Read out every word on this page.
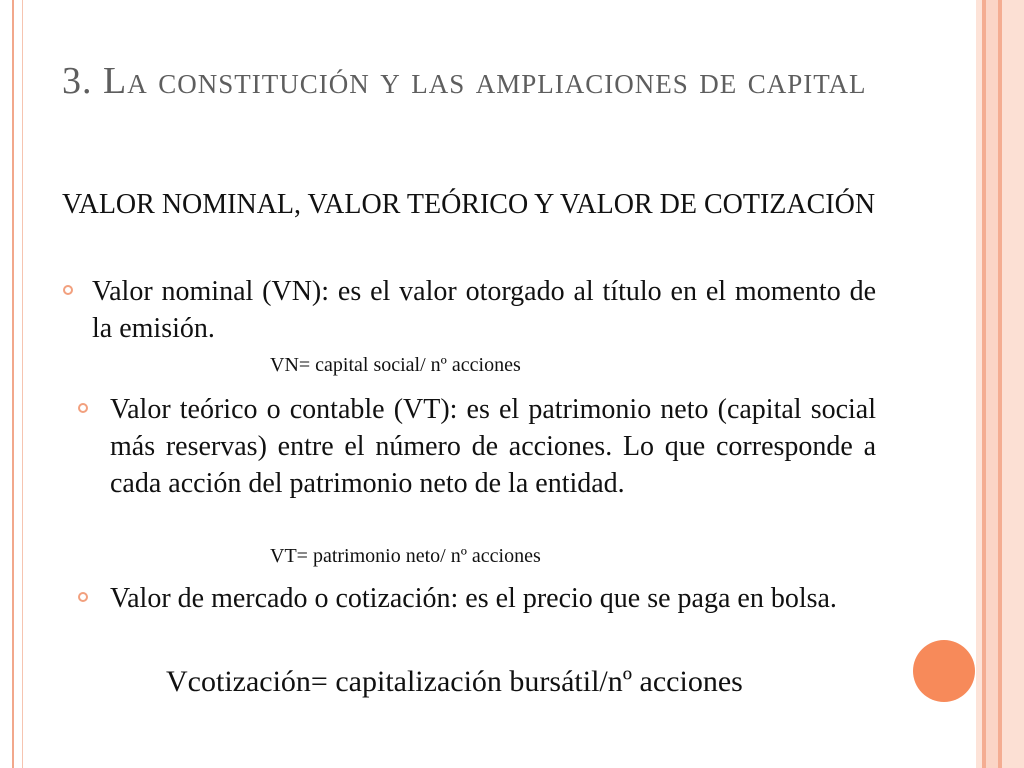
3. La constitución y las ampliaciones de capital
VALOR NOMINAL, VALOR TEÓRICO Y VALOR DE COTIZACIÓN
Valor nominal (VN): es el valor otorgado al título en el momento de la emisión.
VN= capital social/ nº acciones
Valor teórico o contable (VT): es el patrimonio neto (capital social más reservas) entre el número de acciones. Lo que corresponde a cada acción del patrimonio neto de la entidad.
VT= patrimonio neto/ nº acciones
Valor de mercado o cotización: es el precio que se paga en bolsa.
Vcotización= capitalización bursátil/nº acciones
